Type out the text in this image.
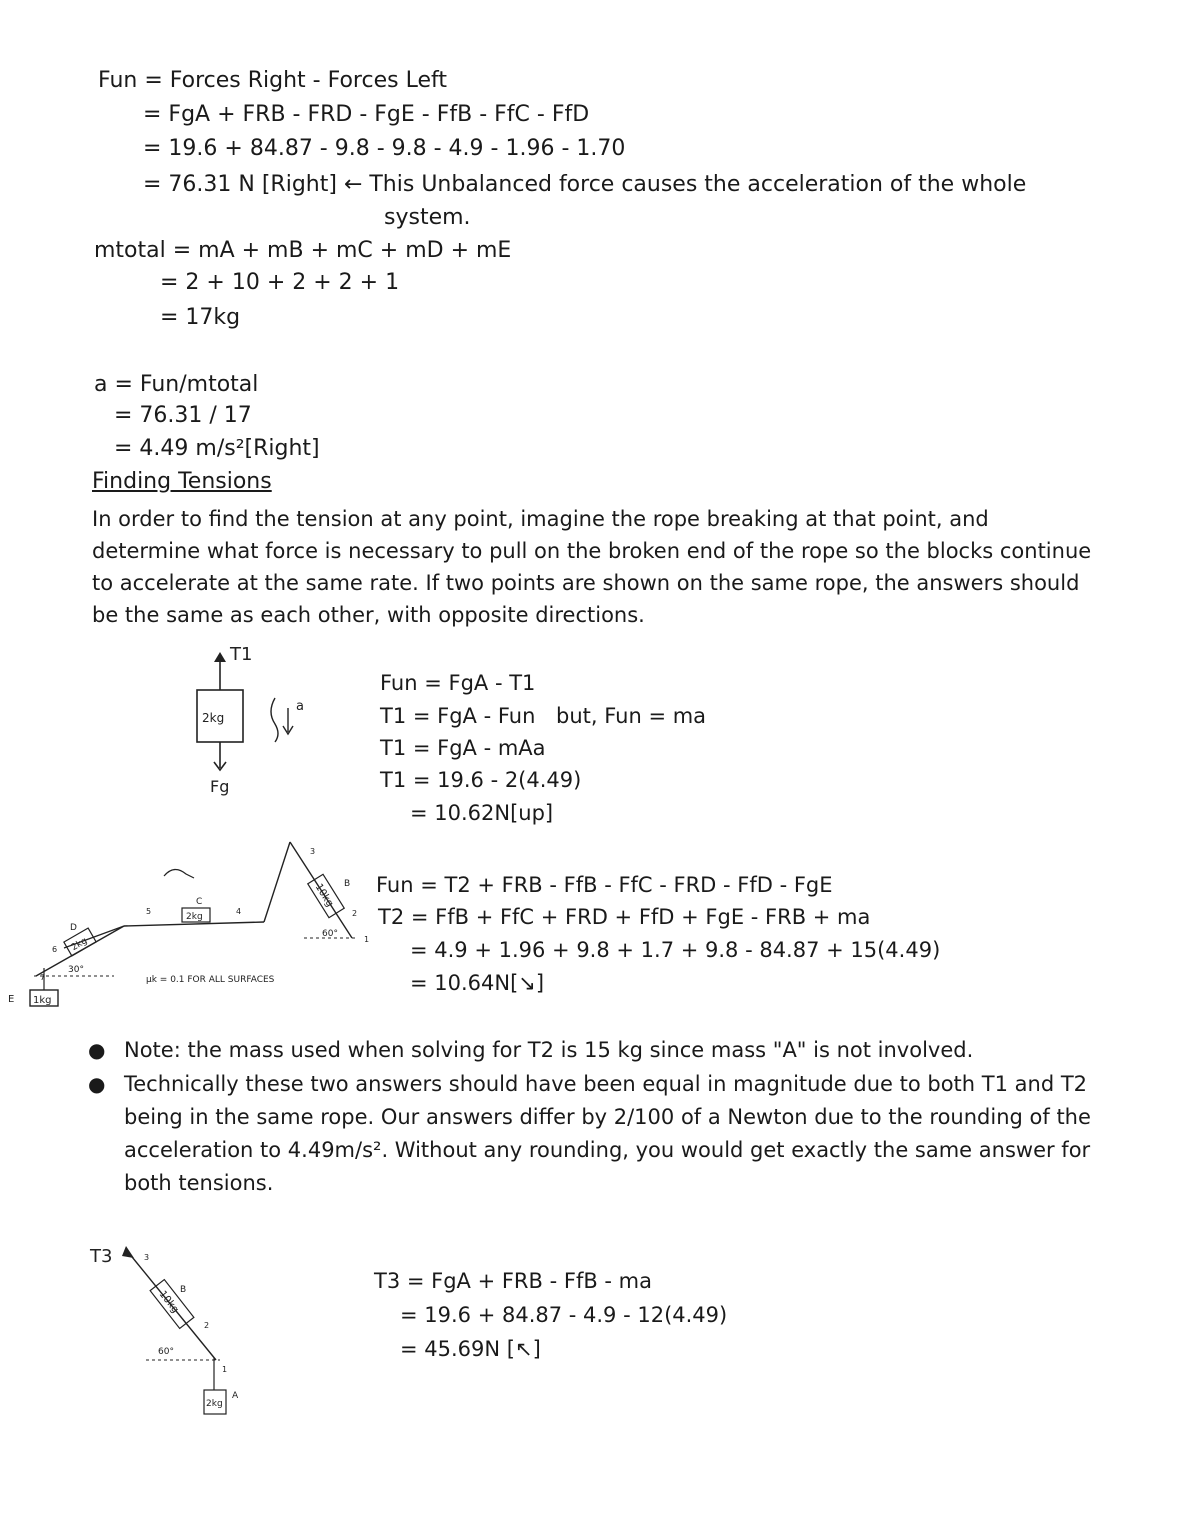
Fun = Forces Right - Forces Left
= FgA + FRB - FRD - FgE - FfB - FfC - FfD
= 19.6 + 84.87 - 9.8 - 9.8 - 4.9 - 1.96 - 1.70
= 76.31 N [Right] ← This Unbalanced force causes the acceleration of the whole
system.
mtotal = mA + mB + mC + mD + mE
= 2 + 10 + 2 + 2 + 1
= 17kg
a = Fun/mtotal
= 76.31 / 17
= 4.49 m/s²[Right]
Finding Tensions

In order to find the tension at any point, imagine the rope breaking at that point, and determine what force is necessary to pull on the broken end of the rope so the blocks continue to accelerate at the same rate. If two points are shown on the same rope, the answers should be the same as each other, with opposite directions.

T1
2kg
Fg
a
Fun = FgA - T1
T1 = FgA - Fun but, Fun = ma
T1 = FgA - mAa
T1 = 19.6 - 2(4.49)
= 10.62N[up]
1kg
E
2kg
D
2kg
C	10kg B
60°
30°
7
6
5	4
3
2
1
μk = 0.1 FOR ALL SURFACES
Fun = T2 + FRB - FfB - FfC - FRD - FfD - FgE
T2 = FfB + FfC + FRD + FfD + FgE - FRB + ma
= 4.9 + 1.96 + 9.8 + 1.7 + 9.8 - 84.87 + 15(4.49)
= 10.64N[↘]
● Note: the mass used when solving for T2 is 15 kg since mass "A" is not involved.
● Technically these two answers should have been equal in magnitude due to both T1 and T2 being in the same rope. Our answers differ by 2/100 of a Newton due to the rounding of the acceleration to 4.49m/s². Without any rounding, you would get exactly the same answer for both tensions.
T3
10kg B
60°
2kg
A
3
2
1
T3 = FgA + FRB - FfB - ma
= 19.6 + 84.87 - 4.9 - 12(4.49)
= 45.69N [↖]
